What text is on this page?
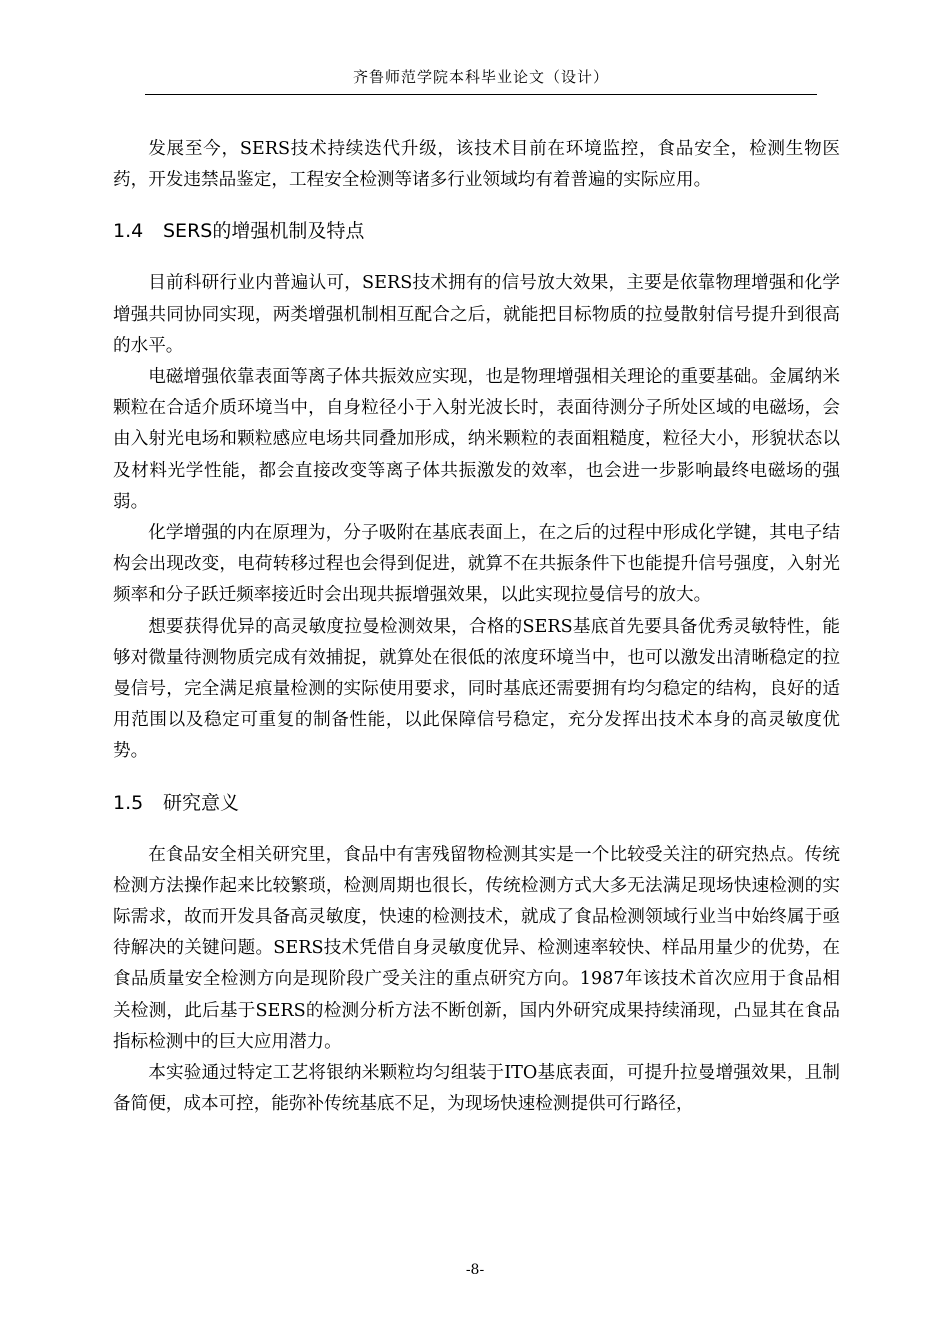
齐鲁师范学院本科毕业论文（设计）

发展至今，SERS技术持续迭代升级，该技术目前在环境监控，食品安全，检测生物医药，开发违禁品鉴定，工程安全检测等诸多行业领域均有着普遍的实际应用。

1.4 SERS的增强机制及特点

目前科研行业内普遍认可，SERS技术拥有的信号放大效果，主要是依靠物理增强和化学增强共同协同实现，两类增强机制相互配合之后，就能把目标物质的拉曼散射信号提升到很高的水平。

电磁增强依靠表面等离子体共振效应实现，也是物理增强相关理论的重要基础。金属纳米颗粒在合适介质环境当中，自身粒径小于入射光波长时，表面待测分子所处区域的电磁场，会由入射光电场和颗粒感应电场共同叠加形成，纳米颗粒的表面粗糙度，粒径大小，形貌状态以及材料光学性能，都会直接改变等离子体共振激发的效率，也会进一步影响最终电磁场的强弱。

化学增强的内在原理为，分子吸附在基底表面上，在之后的过程中形成化学键，其电子结构会出现改变，电荷转移过程也会得到促进，就算不在共振条件下也能提升信号强度，入射光频率和分子跃迁频率接近时会出现共振增强效果，以此实现拉曼信号的放大。

想要获得优异的高灵敏度拉曼检测效果，合格的SERS基底首先要具备优秀灵敏特性，能够对微量待测物质完成有效捕捉，就算处在很低的浓度环境当中，也可以激发出清晰稳定的拉曼信号，完全满足痕量检测的实际使用要求，同时基底还需要拥有均匀稳定的结构，良好的适用范围以及稳定可重复的制备性能，以此保障信号稳定，充分发挥出技术本身的高灵敏度优势。

1.5 研究意义

在食品安全相关研究里，食品中有害残留物检测其实是一个比较受关注的研究热点。传统检测方法操作起来比较繁琐，检测周期也很长，传统检测方式大多无法满足现场快速检测的实际需求，故而开发具备高灵敏度，快速的检测技术，就成了食品检测领域行业当中始终属于亟待解决的关键问题。SERS技术凭借自身灵敏度优异、检测速率较快、样品用量少的优势，在食品质量安全检测方向是现阶段广受关注的重点研究方向。1987年该技术首次应用于食品相关检测，此后基于SERS的检测分析方法不断创新，国内外研究成果持续涌现，凸显其在食品指标检测中的巨大应用潜力。

本实验通过特定工艺将银纳米颗粒均匀组装于ITO基底表面，可提升拉曼增强效果，且制备简便，成本可控，能弥补传统基底不足，为现场快速检测提供可行路径，

-8-
